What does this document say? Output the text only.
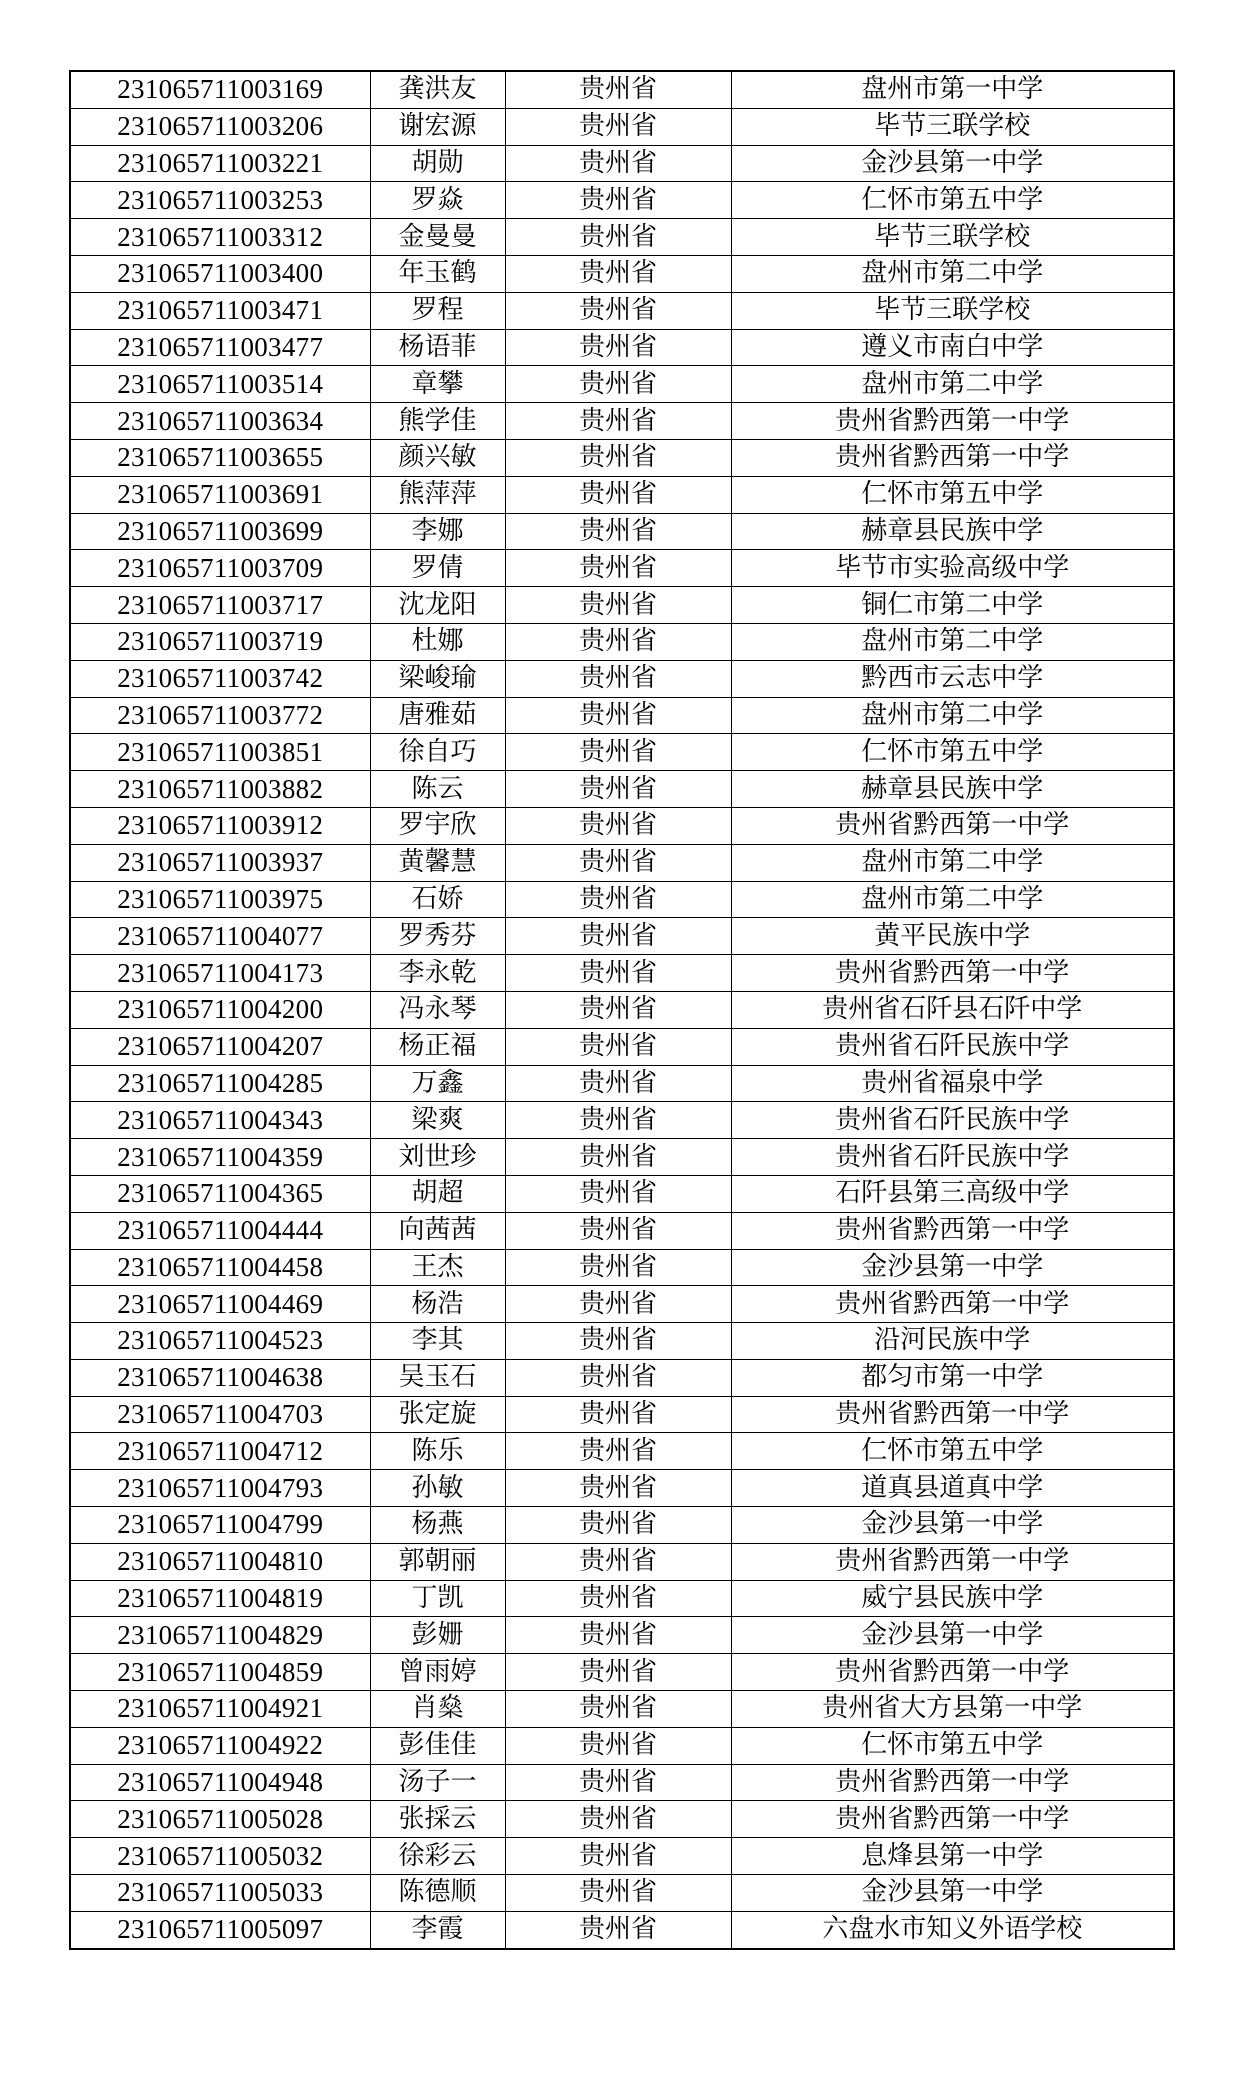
231065711003169	龚洪友	贵州省	盘州市第一中学
231065711003206	谢宏源	贵州省	毕节三联学校
231065711003221	胡勋	贵州省	金沙县第一中学
231065711003253	罗焱	贵州省	仁怀市第五中学
231065711003312	金曼曼	贵州省	毕节三联学校
231065711003400	年玉鹤	贵州省	盘州市第二中学
231065711003471	罗程	贵州省	毕节三联学校
231065711003477	杨语菲	贵州省	遵义市南白中学
231065711003514	章攀	贵州省	盘州市第二中学
231065711003634	熊学佳	贵州省	贵州省黔西第一中学
231065711003655	颜兴敏	贵州省	贵州省黔西第一中学
231065711003691	熊萍萍	贵州省	仁怀市第五中学
231065711003699	李娜	贵州省	赫章县民族中学
231065711003709	罗倩	贵州省	毕节市实验高级中学
231065711003717	沈龙阳	贵州省	铜仁市第二中学
231065711003719	杜娜	贵州省	盘州市第二中学
231065711003742	梁峻瑜	贵州省	黔西市云志中学
231065711003772	唐雅茹	贵州省	盘州市第二中学
231065711003851	徐自巧	贵州省	仁怀市第五中学
231065711003882	陈云	贵州省	赫章县民族中学
231065711003912	罗宇欣	贵州省	贵州省黔西第一中学
231065711003937	黄馨慧	贵州省	盘州市第二中学
231065711003975	石娇	贵州省	盘州市第二中学
231065711004077	罗秀芬	贵州省	黄平民族中学
231065711004173	李永乾	贵州省	贵州省黔西第一中学
231065711004200	冯永琴	贵州省	贵州省石阡县石阡中学
231065711004207	杨正福	贵州省	贵州省石阡民族中学
231065711004285	万鑫	贵州省	贵州省福泉中学
231065711004343	梁爽	贵州省	贵州省石阡民族中学
231065711004359	刘世珍	贵州省	贵州省石阡民族中学
231065711004365	胡超	贵州省	石阡县第三高级中学
231065711004444	向茜茜	贵州省	贵州省黔西第一中学
231065711004458	王杰	贵州省	金沙县第一中学
231065711004469	杨浩	贵州省	贵州省黔西第一中学
231065711004523	李其	贵州省	沿河民族中学
231065711004638	吴玉石	贵州省	都匀市第一中学
231065711004703	张定旋	贵州省	贵州省黔西第一中学
231065711004712	陈乐	贵州省	仁怀市第五中学
231065711004793	孙敏	贵州省	道真县道真中学
231065711004799	杨燕	贵州省	金沙县第一中学
231065711004810	郭朝丽	贵州省	贵州省黔西第一中学
231065711004819	丁凯	贵州省	威宁县民族中学
231065711004829	彭姗	贵州省	金沙县第一中学
231065711004859	曾雨婷	贵州省	贵州省黔西第一中学
231065711004921	肖燊	贵州省	贵州省大方县第一中学
231065711004922	彭佳佳	贵州省	仁怀市第五中学
231065711004948	汤子一	贵州省	贵州省黔西第一中学
231065711005028	张採云	贵州省	贵州省黔西第一中学
231065711005032	徐彩云	贵州省	息烽县第一中学
231065711005033	陈德顺	贵州省	金沙县第一中学
231065711005097	李霞	贵州省	六盘水市知义外语学校
